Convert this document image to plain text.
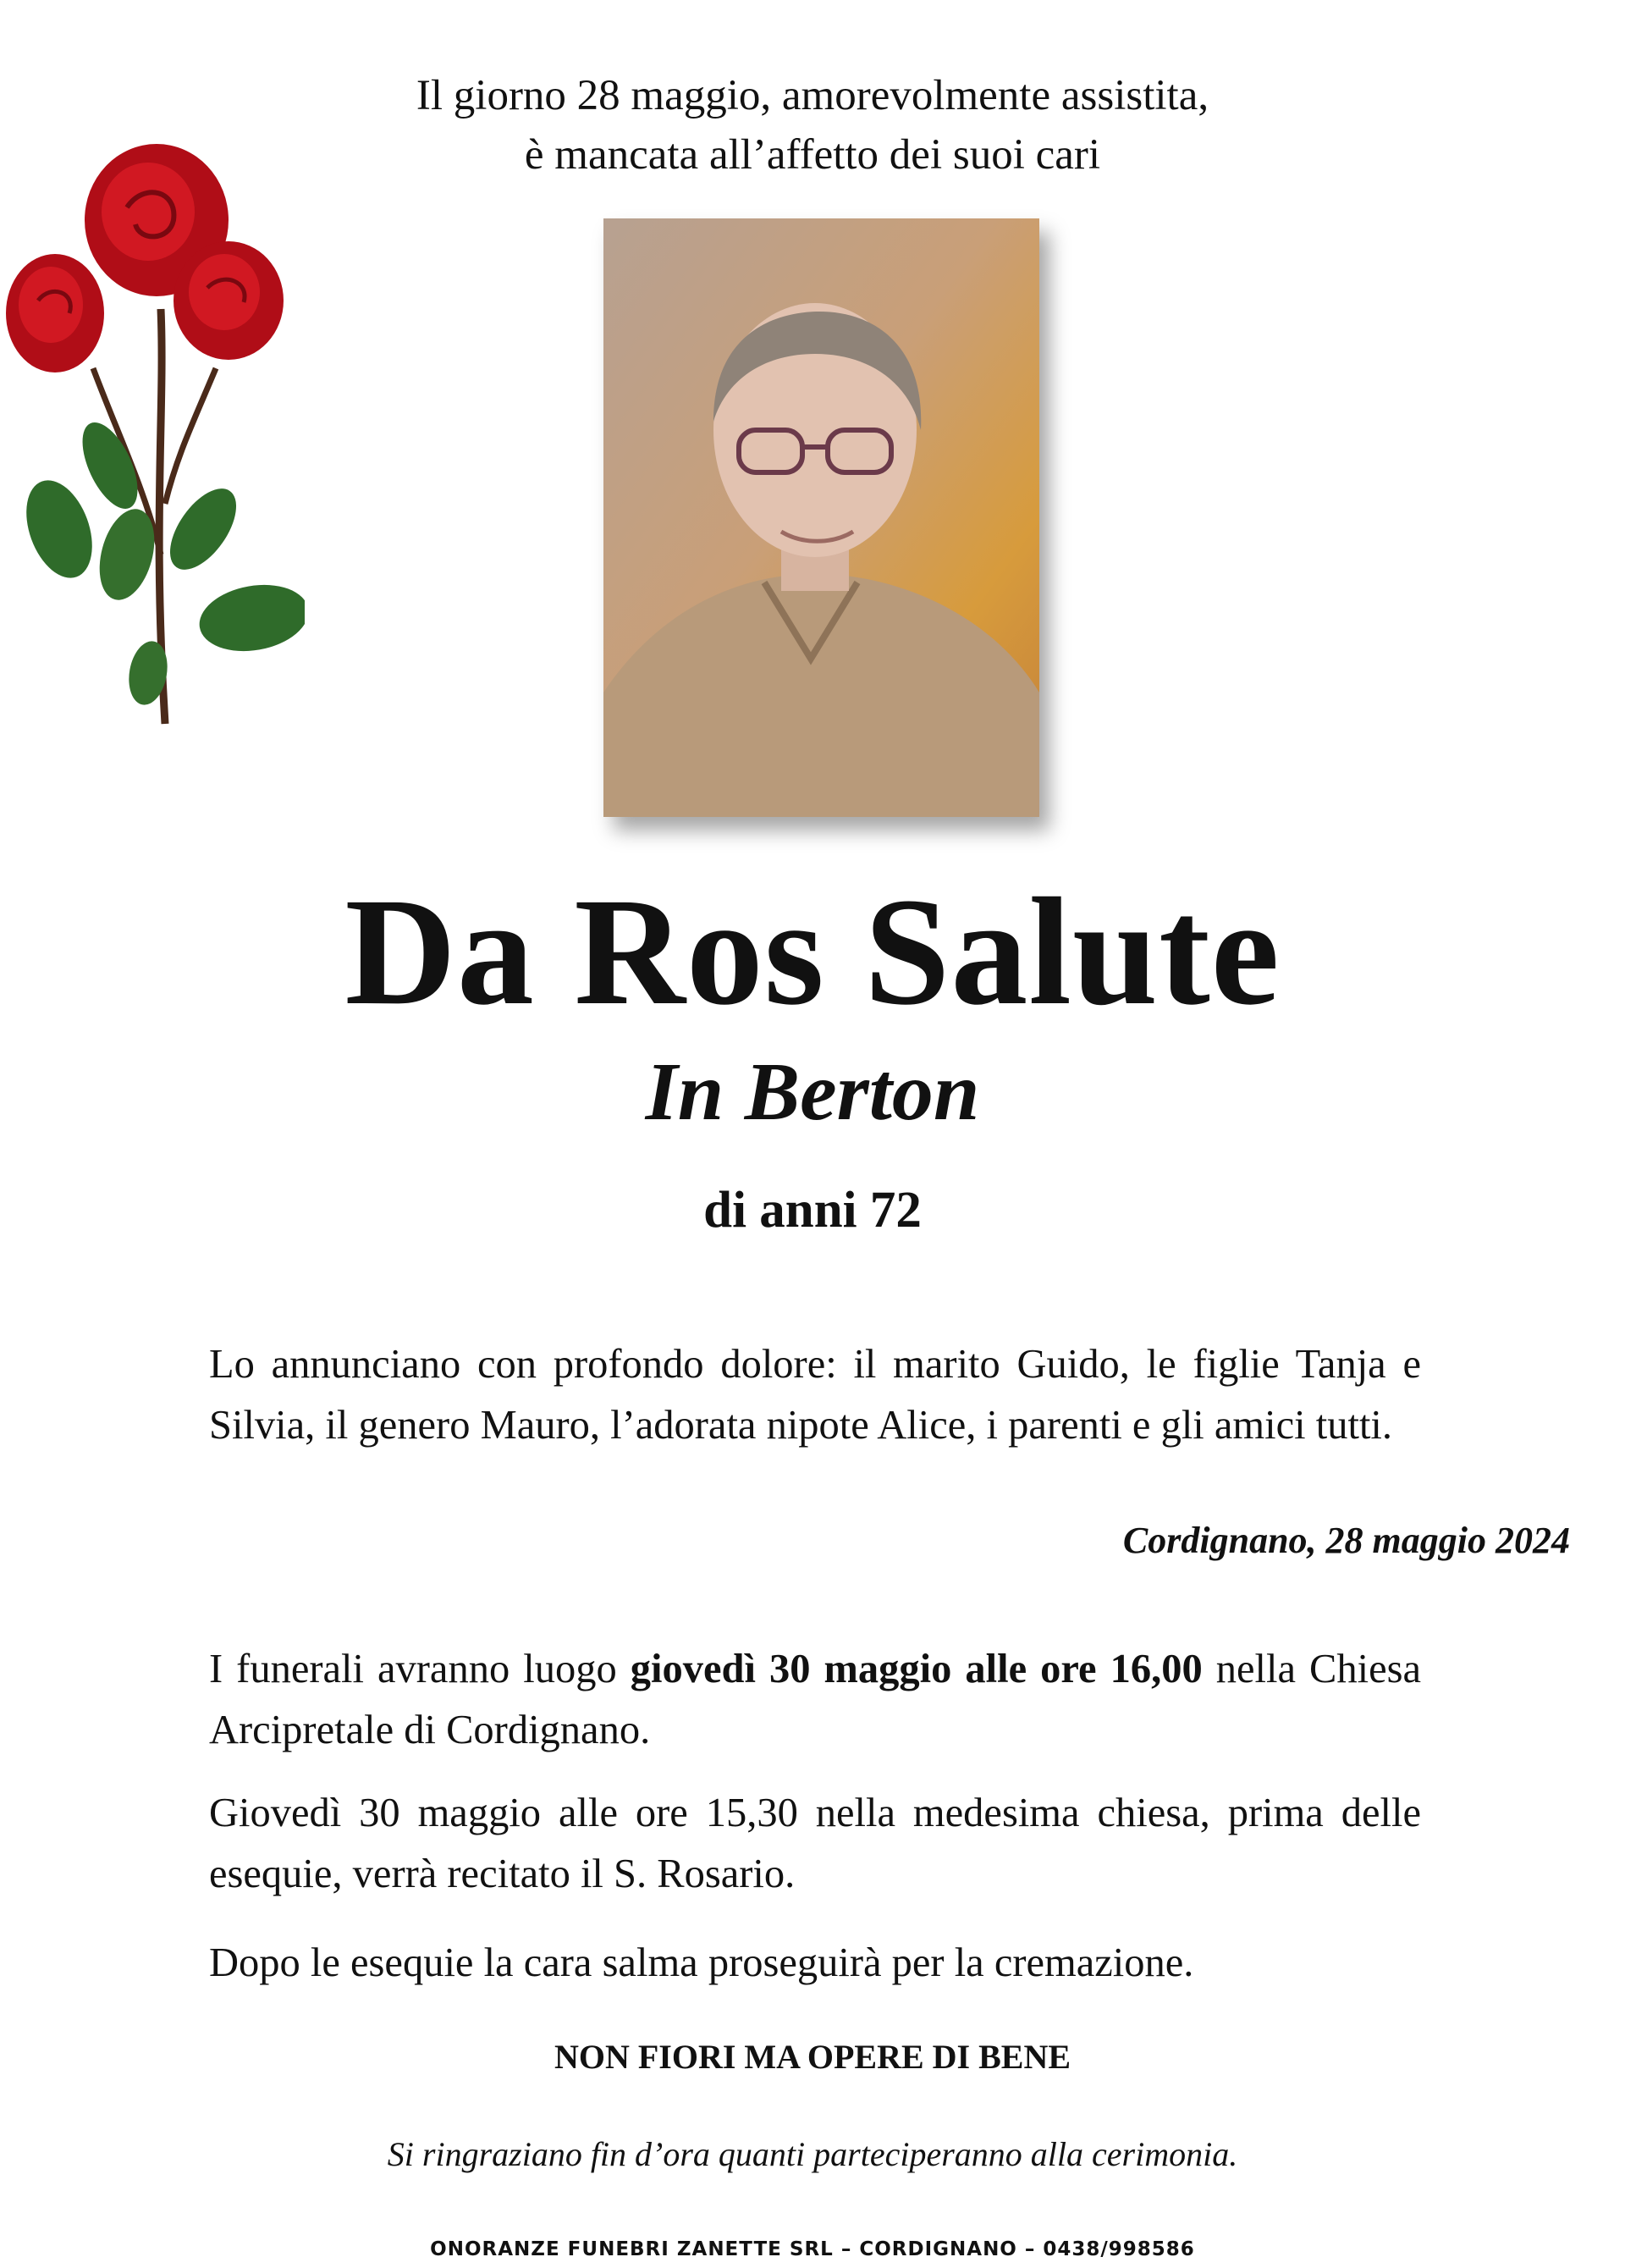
Il giorno 28 maggio, amorevolmente assistita,
è mancata all’affetto dei suoi cari
Da Ros Salute
In Berton
di anni 72
Lo annunciano con profondo dolore: il marito Guido, le figlie Tanja e Silvia, il genero Mauro, l’adorata nipote Alice, i parenti e gli amici tutti.
Cordignano, 28 maggio 2024
I funerali avranno luogo giovedì 30 maggio alle ore 16,00 nella Chiesa Arcipretale di Cordignano.
Giovedì 30 maggio alle ore 15,30 nella medesima chiesa, prima delle esequie, verrà recitato il S. Rosario.
Dopo le esequie la cara salma proseguirà per la cremazione.
NON FIORI MA OPERE DI BENE
Si ringraziano fin d’ora quanti parteciperanno alla cerimonia.
ONORANZE FUNEBRI ZANETTE SRL – CORDIGNANO – 0438/998586
